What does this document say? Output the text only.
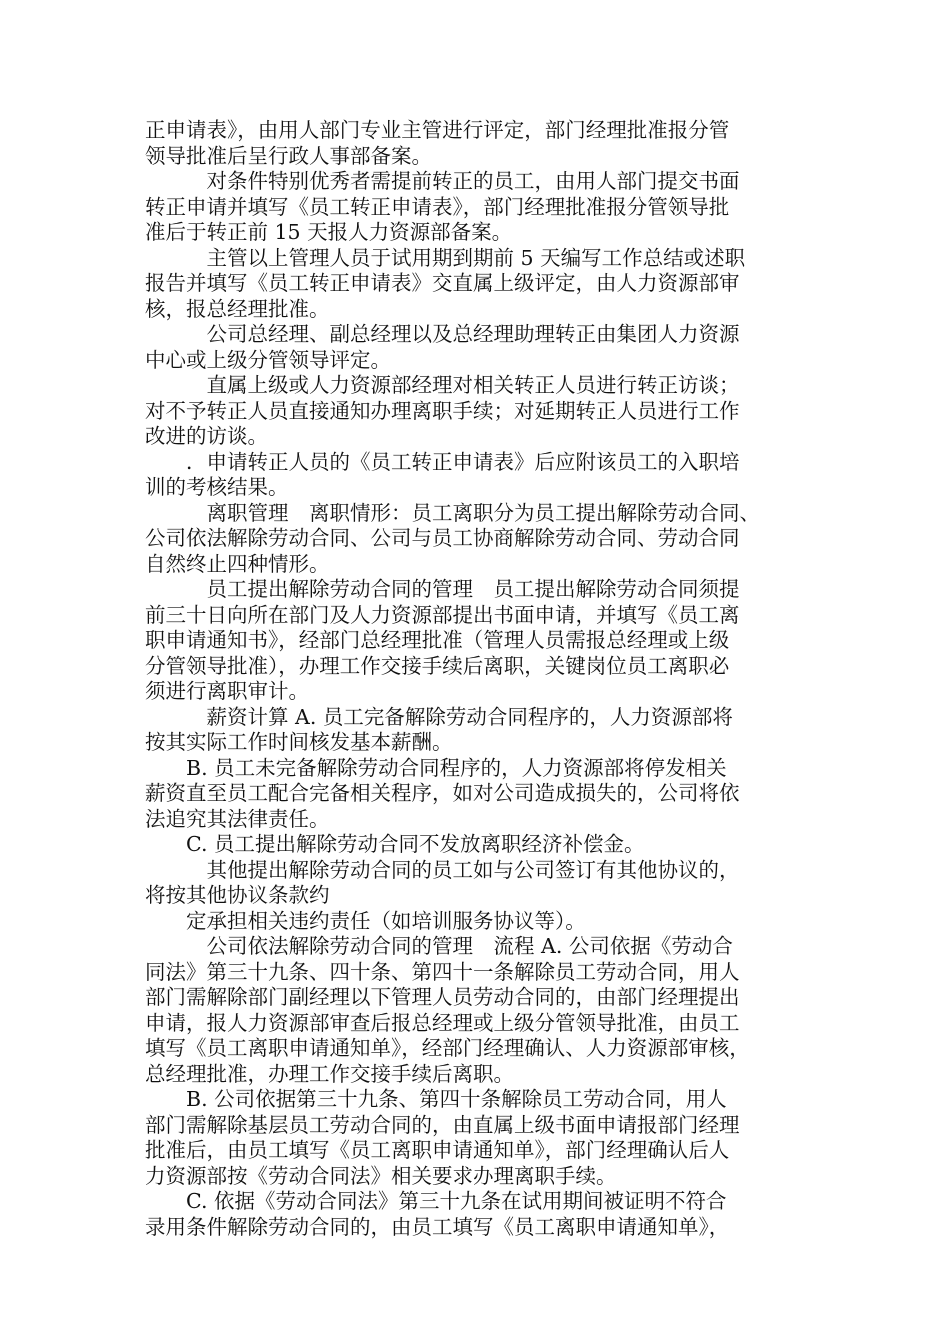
正申请表》，由用人部门专业主管进行评定，部门经理批准报分管
领导批准后呈行政人事部备案。
　　　对条件特别优秀者需提前转正的员工，由用人部门提交书面
转正申请并填写《员工转正申请表》，部门经理批准报分管领导批
准后于转正前 15 天报人力资源部备案。
　　　主管以上管理人员于试用期到期前 5 天编写工作总结或述职
报告并填写《员工转正申请表》交直属上级评定，由人力资源部审
核，报总经理批准。
　　　公司总经理、副总经理以及总经理助理转正由集团人力资源
中心或上级分管领导评定。
　　　直属上级或人力资源部经理对相关转正人员进行转正访谈；
对不予转正人员直接通知办理离职手续；对延期转正人员进行工作
改进的访谈。
　　．申请转正人员的《员工转正申请表》后应附该员工的入职培
训的考核结果。
　　　离职管理　离职情形：员工离职分为员工提出解除劳动合同、
公司依法解除劳动合同、公司与员工协商解除劳动合同、劳动合同
自然终止四种情形。
　　　员工提出解除劳动合同的管理　员工提出解除劳动合同须提
前三十日向所在部门及人力资源部提出书面申请，并填写《员工离
职申请通知书》，经部门总经理批准（管理人员需报总经理或上级
分管领导批准），办理工作交接手续后离职，关键岗位员工离职必
须进行离职审计。
　　　薪资计算 A. 员工完备解除劳动合同程序的，人力资源部将
按其实际工作时间核发基本薪酬。
　　B. 员工未完备解除劳动合同程序的，人力资源部将停发相关
薪资直至员工配合完备相关程序，如对公司造成损失的，公司将依
法追究其法律责任。
　　C. 员工提出解除劳动合同不发放离职经济补偿金。
　　　其他提出解除劳动合同的员工如与公司签订有其他协议的，
将按其他协议条款约
　　定承担相关违约责任（如培训服务协议等）。
　　　公司依法解除劳动合同的管理　流程 A. 公司依据《劳动合
同法》第三十九条、四十条、第四十一条解除员工劳动合同，用人
部门需解除部门副经理以下管理人员劳动合同的，由部门经理提出
申请，报人力资源部审查后报总经理或上级分管领导批准，由员工
填写《员工离职申请通知单》，经部门经理确认、人力资源部审核，
总经理批准，办理工作交接手续后离职。
　　B. 公司依据第三十九条、第四十条解除员工劳动合同，用人
部门需解除基层员工劳动合同的，由直属上级书面申请报部门经理
批准后，由员工填写《员工离职申请通知单》，部门经理确认后人
力资源部按《劳动合同法》相关要求办理离职手续。
　　C. 依据《劳动合同法》第三十九条在试用期间被证明不符合
录用条件解除劳动合同的，由员工填写《员工离职申请通知单》，
